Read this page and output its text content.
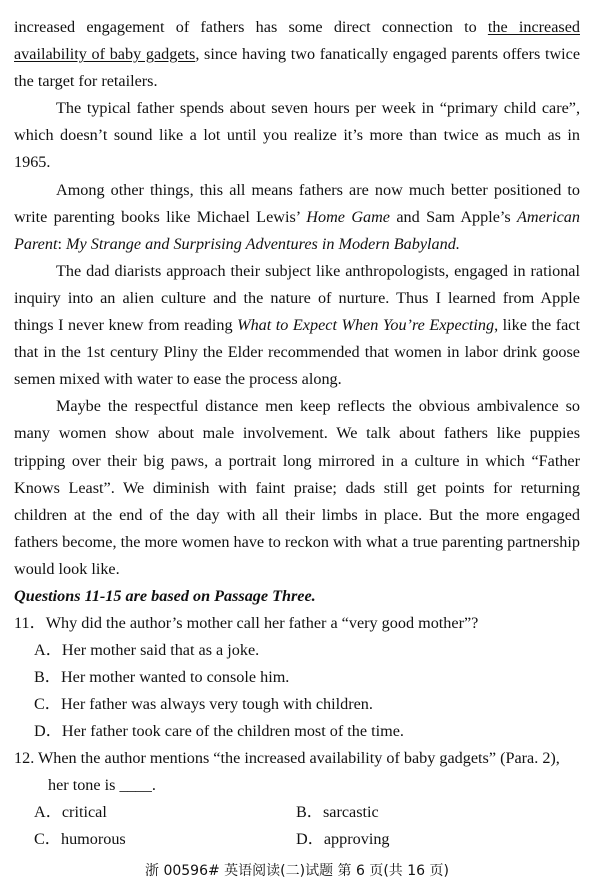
increased engagement of fathers has some direct connection to the increased availability of baby gadgets, since having two fanatically engaged parents offers twice the target for retailers.

The typical father spends about seven hours per week in “primary child care”, which doesn’t sound like a lot until you realize it’s more than twice as much as in 1965.

Among other things, this all means fathers are now much better positioned to write parenting books like Michael Lewis’ Home Game and Sam Apple’s American Parent: My Strange and Surprising Adventures in Modern Babyland.

The dad diarists approach their subject like anthropologists, engaged in rational inquiry into an alien culture and the nature of nurture. Thus I learned from Apple things I never knew from reading What to Expect When You’re Expecting, like the fact that in the 1st century Pliny the Elder recommended that women in labor drink goose semen mixed with water to ease the process along.

Maybe the respectful distance men keep reflects the obvious ambivalence so many women show about male involvement. We talk about fathers like puppies tripping over their big paws, a portrait long mirrored in a culture in which “Father Knows Least”. We diminish with faint praise; dads still get points for returning children at the end of the day with all their limbs in place. But the more engaged fathers become, the more women have to reckon with what a true parenting partnership would look like.

Questions 11-15 are based on Passage Three.

11．Why did the author’s mother call her father a “very good mother”?

A．Her mother said that as a joke.

B．Her mother wanted to console him.

C．Her father was always very tough with children.

D．Her father took care of the children most of the time.

12. When the author mentions “the increased availability of baby gadgets” (Para. 2),

her tone is ____.

A．critical	B．sarcastic
C．humorous	D．approving
浙 00596# 英语阅读(二)试题 第 6 页(共 16 页)
